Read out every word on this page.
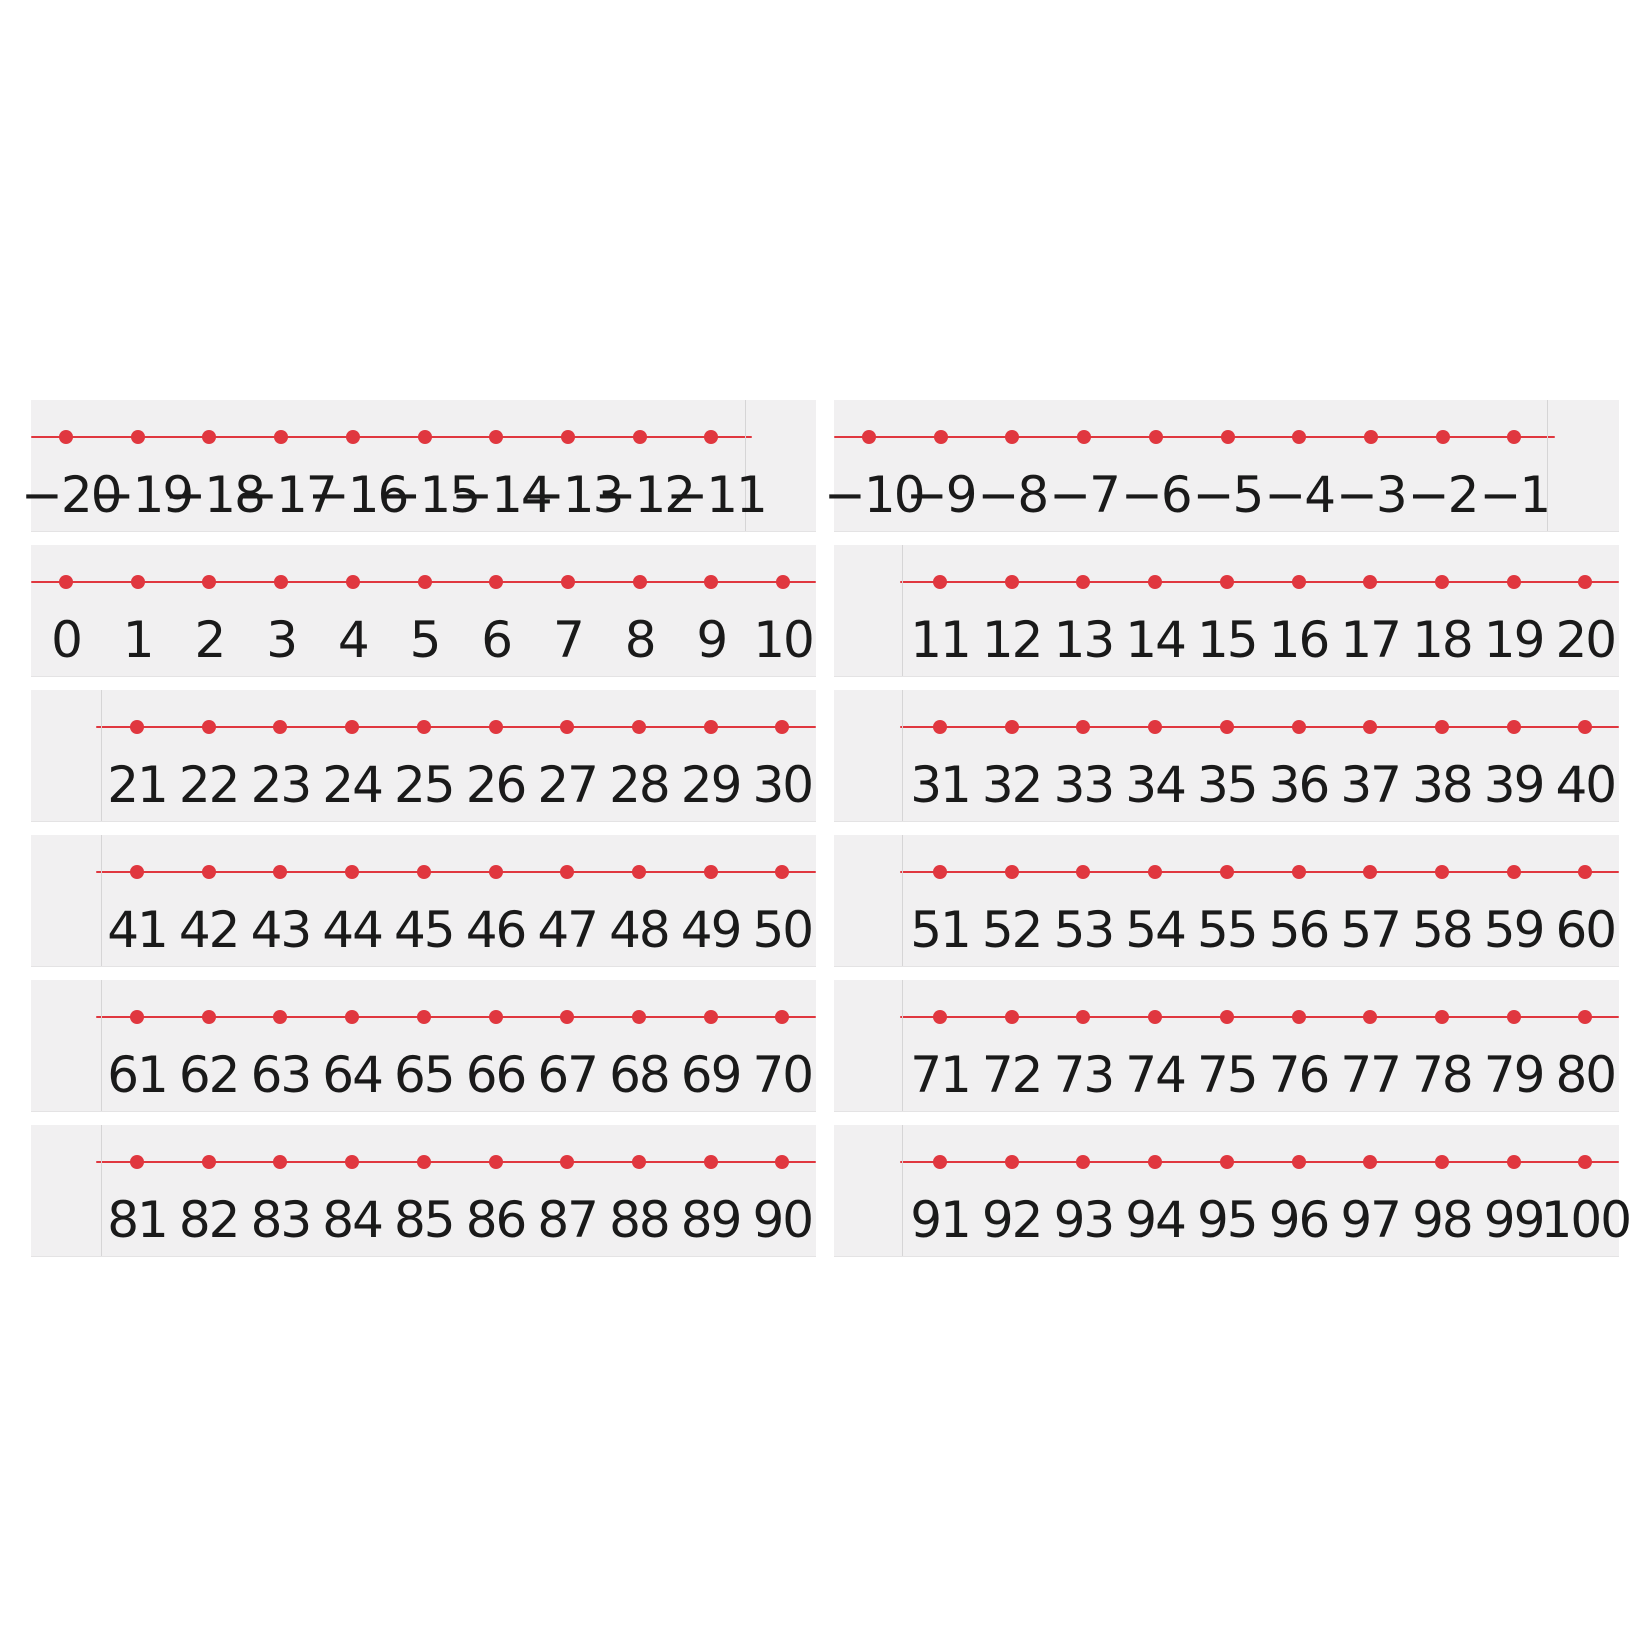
−20
−19
−18
−17
−16
−15
−14
−13
−12
−11 −10
−9 −8 −7 −6 −5 −4 −3 −2 −1
0 1 2 3 4 5 6 7 8 9 10	11 12 13 14 15 16 17 18 19 20
21 22 23 24 25 26 27 28 29 30	31 32 33 34 35 36 37 38 39 40
41 42 43 44 45 46 47 48 49 50	51 52 53 54 55 56 57 58 59 60
61 62 63 64 65 66 67 68 69 70	71 72 73 74 75 76 77 78 79 80
81 82 83 84 85 86 87 88 89 90	91 92 93 94 95 96 97 98 99
100
